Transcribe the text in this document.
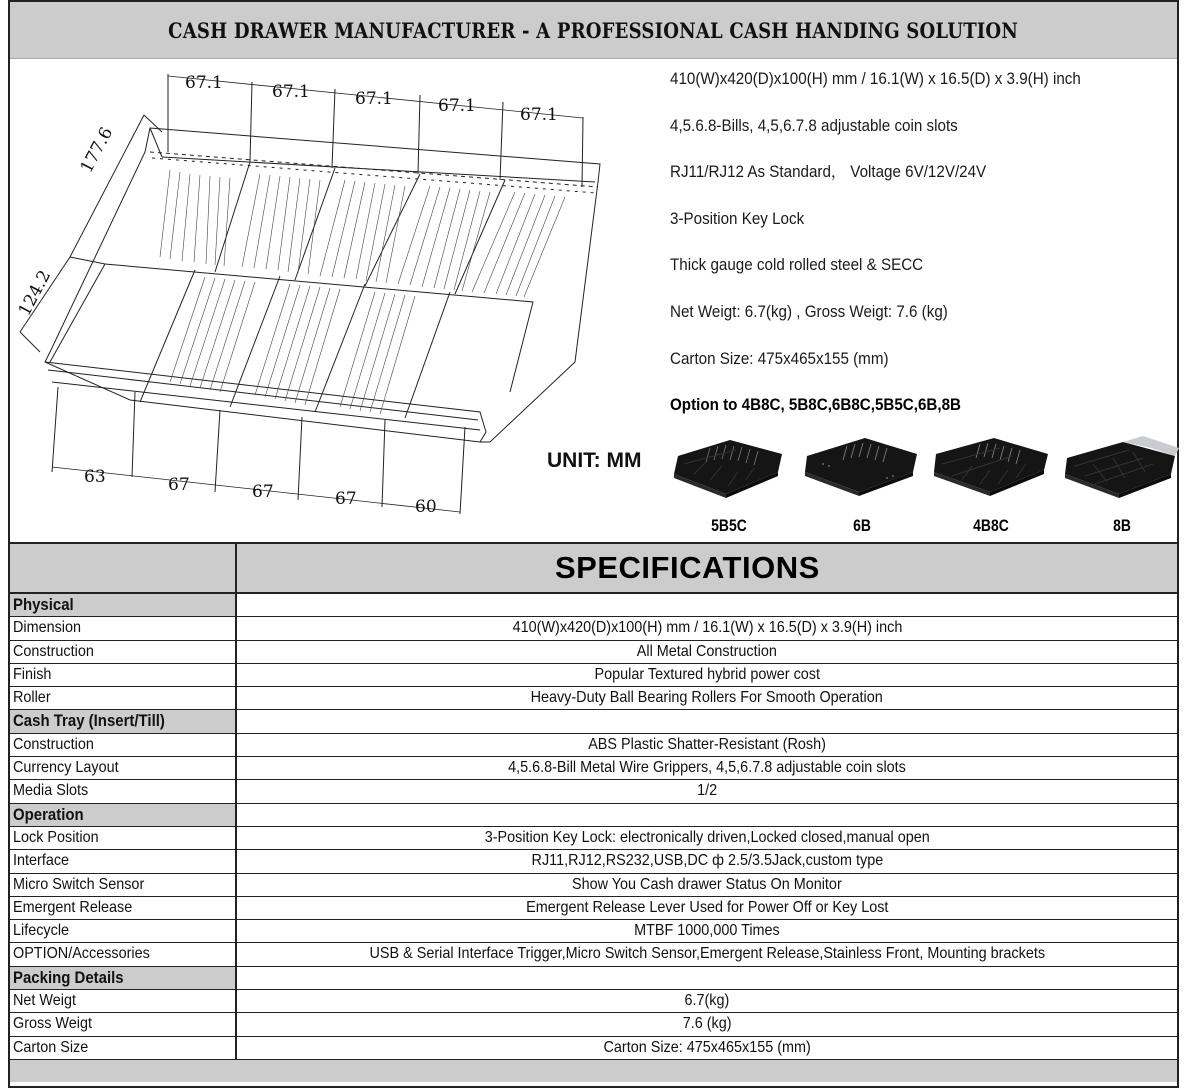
CASH DRAWER MANUFACTURER - A PROFESSIONAL CASH HANDING SOLUTION
67.1	67.1	67.1	67.1	67.1
177.6
124.2
63	67	67	67	60
UNIT: MM
410(W)x420(D)x100(H) mm / 16.1(W) x 16.5(D) x 3.9(H) inch
4,5.6.8-Bills, 4,5,6.7.8 adjustable coin slots
RJ11/RJ12 As Standard， Voltage 6V/12V/24V
3-Position Key Lock
Thick gauge cold rolled steel & SECC
Net Weigt: 6.7(kg) , Gross Weigt: 7.6 (kg)
Carton Size: 475x465x155 (mm)
Option to 4B8C, 5B8C,6B8C,5B5C,6B,8B
5B5C	6B	4B8C	8B
SPECIFICATIONS
Physical
Dimension	410(W)x420(D)x100(H) mm / 16.1(W) x 16.5(D) x 3.9(H) inch
Construction	All Metal Construction
Finish	Popular Textured hybrid power cost
Roller	Heavy-Duty Ball Bearing Rollers For Smooth Operation
Cash Tray (Insert/Till)
Construction	ABS Plastic Shatter-Resistant (Rosh)
Currency Layout	4,5.6.8-Bill Metal Wire Grippers, 4,5,6.7.8 adjustable coin slots
Media Slots	1/2
Operation
Lock Position	3-Position Key Lock: electronically driven,Locked closed,manual open
Interface	RJ11,RJ12,RS232,USB,DC ф 2.5/3.5Jack,custom type
Micro Switch Sensor	Show You Cash drawer Status On Monitor
Emergent Release	Emergent Release Lever Used for Power Off or Key Lost
Lifecycle	MTBF 1000,000 Times
OPTION/Accessories	USB & Serial Interface Trigger,Micro Switch Sensor,Emergent Release,Stainless Front, Mounting brackets
Packing Details
Net Weigt	6.7(kg)
Gross Weigt	7.6 (kg)
Carton Size	Carton Size: 475x465x155 (mm)
